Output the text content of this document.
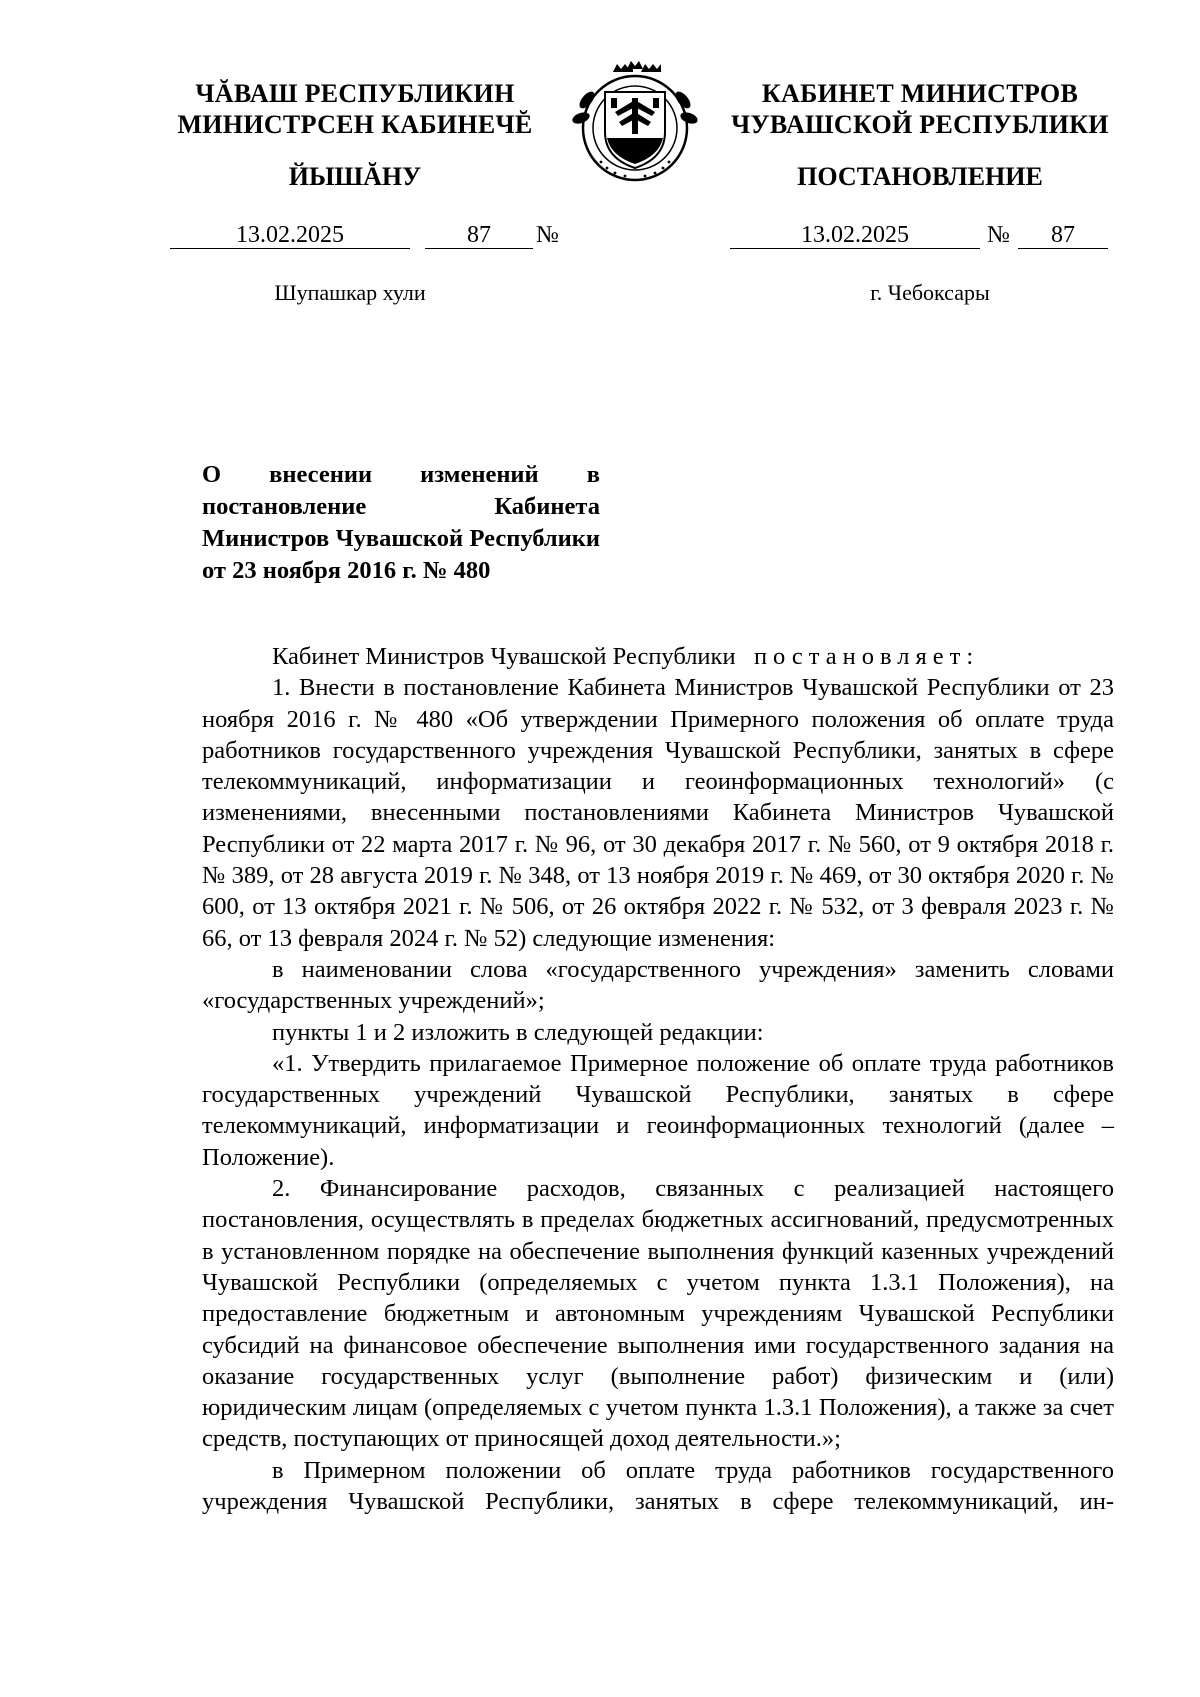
ЧĂВАШ РЕСПУБЛИКИН
МИНИСТРСЕН КАБИНЕЧĔ
ЙЫШĂНУ
13.02.2025	87	№
Шупашкар хули
КАБИНЕТ МИНИСТРОВ
ЧУВАШСКОЙ РЕСПУБЛИКИ
ПОСТАНОВЛЕНИЕ
13.02.2025	№	87
г. Чебоксары
О внесении изменений в постановление Кабинета Министров Чувашской Республики от 23 ноября 2016 г. № 480

Кабинет Министров Чувашской Республики постановляет:

1. Внести в постановление Кабинета Министров Чувашской Республики от 23 ноября 2016 г. № 480 «Об утверждении Примерного положения об оплате труда работников государственного учреждения Чувашской Республики, занятых в сфере телекоммуникаций, информатизации и геоинформационных технологий» (с изменениями, внесенными постановлениями Кабинета Министров Чувашской Республики от 22 марта 2017 г. № 96, от 30 декабря 2017 г. № 560, от 9 октября 2018 г. № 389, от 28 августа 2019 г. № 348, от 13 ноября 2019 г. № 469, от 30 октября 2020 г. № 600, от 13 октября 2021 г. № 506, от 26 октября 2022 г. № 532, от 3 февраля 2023 г. № 66, от 13 февраля 2024 г. № 52) следующие изменения:

в наименовании слова «государственного учреждения» заменить словами «государственных учреждений»;

пункты 1 и 2 изложить в следующей редакции:

«1. Утвердить прилагаемое Примерное положение об оплате труда работников государственных учреждений Чувашской Республики, занятых в сфере телекоммуникаций, информатизации и геоинформационных технологий (далее – Положение).

2. Финансирование расходов, связанных с реализацией настоящего постановления, осуществлять в пределах бюджетных ассигнований, предусмотренных в установленном порядке на обеспечение выполнения функций казенных учреждений Чувашской Республики (определяемых с учетом пункта 1.3.1 Положения), на предоставление бюджетным и автономным учреждениям Чувашской Республики субсидий на финансовое обеспечение выполнения ими государственного задания на оказание государственных услуг (выполнение работ) физическим и (или) юридическим лицам (определяемых с учетом пункта 1.3.1 Положения), а также за счет средств, поступающих от приносящей доход деятельности.»;

в Примерном положении об оплате труда работников государственного учреждения Чувашской Республики, занятых в сфере телекоммуникаций, ин-
